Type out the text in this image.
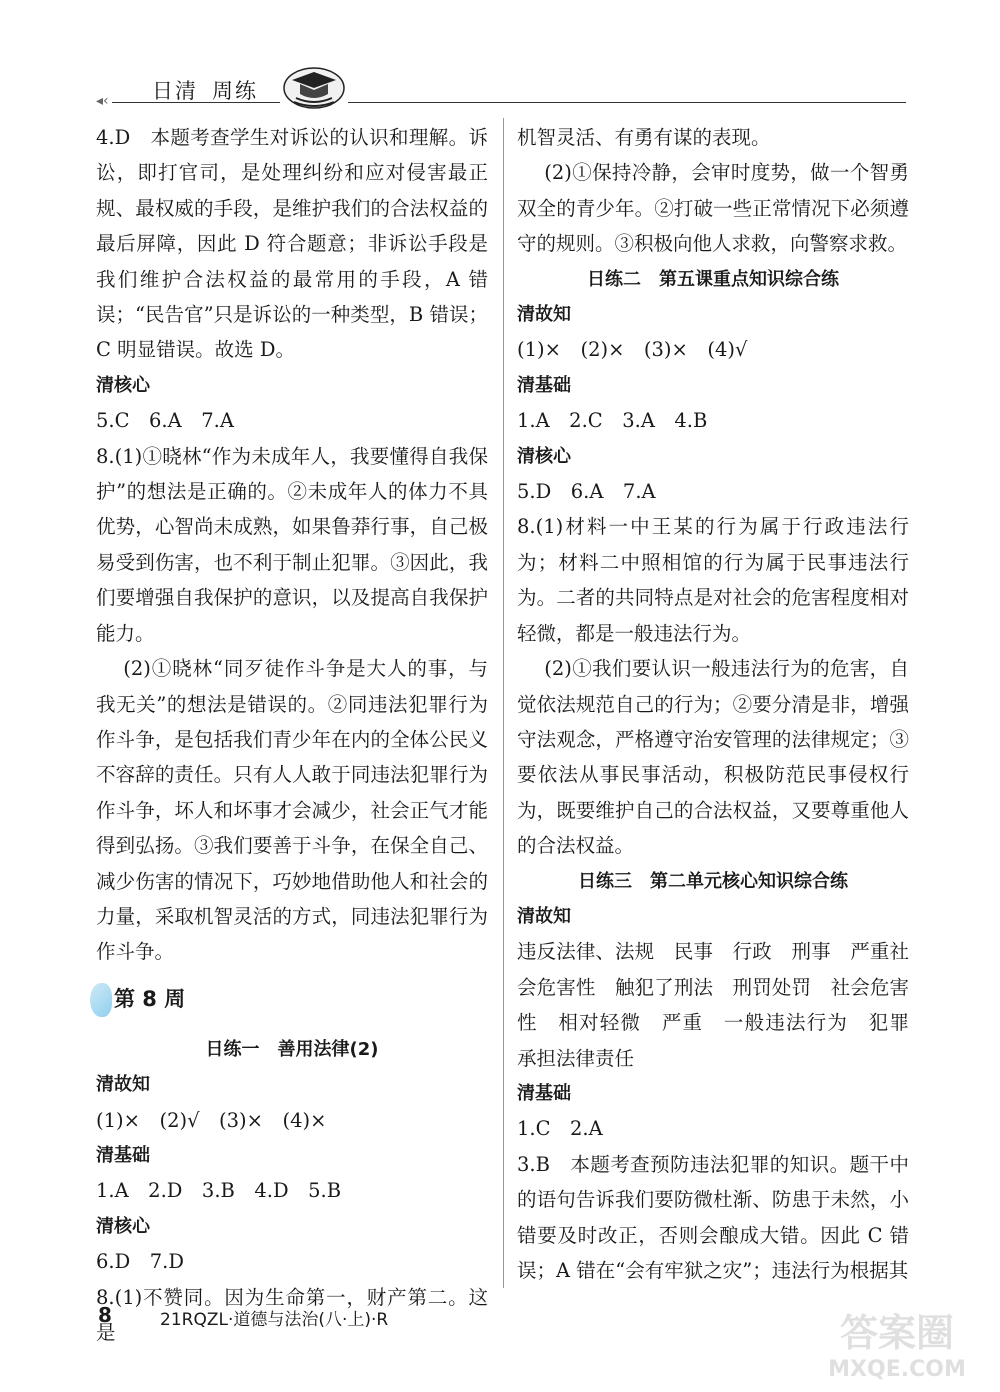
◂‹ 日清 周练

4.D　本题考查学生对诉讼的认识和理解。诉讼，即打官司，是处理纠纷和应对侵害最正规、最权威的手段，是维护我们的合法权益的最后屏障，因此 D 符合题意；非诉讼手段是我们维护合法权益的最常用的手段，A 错误；“民告官”只是诉讼的一种类型，B 错误；C 明显错误。故选 D。

清核心

5.C　6.A　7.A

8.(1)①晓林“作为未成年人，我要懂得自我保护”的想法是正确的。②未成年人的体力不具优势，心智尚未成熟，如果鲁莽行事，自己极易受到伤害，也不利于制止犯罪。③因此，我们要增强自我保护的意识，以及提高自我保护能力。

(2)①晓林“同歹徒作斗争是大人的事，与我无关”的想法是错误的。②同违法犯罪行为作斗争，是包括我们青少年在内的全体公民义不容辞的责任。只有人人敢于同违法犯罪行为作斗争，坏人和坏事才会减少，社会正气才能得到弘扬。③我们要善于斗争，在保全自己、减少伤害的情况下，巧妙地借助他人和社会的力量，采取机智灵活的方式，同违法犯罪行为作斗争。

第 8 周

日练一　善用法律(2)

清故知

(1)×　(2)√　(3)×　(4)×

清基础

1.A　2.D　3.B　4.D　5.B

清核心

6.D　7.D

8.(1)不赞同。因为生命第一，财产第二。这是

机智灵活、有勇有谋的表现。

(2)①保持冷静，会审时度势，做一个智勇双全的青少年。②打破一些正常情况下必须遵守的规则。③积极向他人求救，向警察求救。

日练二　第五课重点知识综合练

清故知

(1)×　(2)×　(3)×　(4)√

清基础

1.A　2.C　3.A　4.B

清核心

5.D　6.A　7.A

8.(1)材料一中王某的行为属于行政违法行为；材料二中照相馆的行为属于民事违法行为。二者的共同特点是对社会的危害程度相对轻微，都是一般违法行为。

(2)①我们要认识一般违法行为的危害，自觉依法规范自己的行为；②要分清是非，增强守法观念，严格遵守治安管理的法律规定；③要依法从事民事活动，积极防范民事侵权行为，既要维护自己的合法权益，又要尊重他人的合法权益。

日练三　第二单元核心知识综合练

清故知

违反法律、法规　民事　行政　刑事　严重社会危害性　触犯了刑法　刑罚处罚　社会危害性　相对轻微　严重　一般违法行为　犯罪　承担法律责任

清基础

1.C　2.A

3.B　本题考查预防违法犯罪的知识。题干中的语句告诉我们要防微杜渐、防患于未然，小错要及时改正，否则会酿成大错。因此 C 错误；A 错在“会有牢狱之灾”；违法行为根据其

8	21RQZL·道德与法治(八·上)·R	答案圈
MXQE.COM
